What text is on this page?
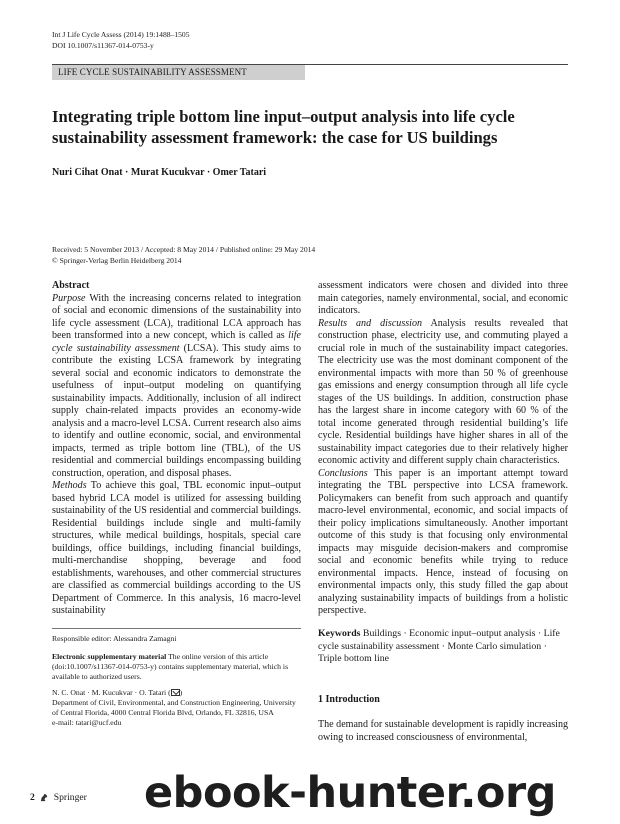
Int J Life Cycle Assess (2014) 19:1488–1505
DOI 10.1007/s11367-014-0753-y
LIFE CYCLE SUSTAINABILITY ASSESSMENT
Integrating triple bottom line input–output analysis into life cycle sustainability assessment framework: the case for US buildings
Nuri Cihat Onat · Murat Kucukvar · Omer Tatari
Received: 5 November 2013 / Accepted: 8 May 2014 / Published online: 29 May 2014
© Springer-Verlag Berlin Heidelberg 2014

Abstract

Purpose With the increasing concerns related to integration of social and economic dimensions of the sustainability into life cycle assessment (LCA), traditional LCA approach has been transformed into a new concept, which is called as life cycle sustainability assessment (LCSA). This study aims to contribute the existing LCSA framework by integrating several social and economic indicators to demonstrate the usefulness of input–output modeling on quantifying sustainability impacts. Additionally, inclusion of all indirect supply chain-related impacts provides an economy-wide analysis and a macro-level LCSA. Current research also aims to identify and outline economic, social, and environmental impacts, termed as triple bottom line (TBL), of the US residential and commercial buildings encompassing building construction, operation, and disposal phases.

Methods To achieve this goal, TBL economic input–output based hybrid LCA model is utilized for assessing building sustainability of the US residential and commercial buildings. Residential buildings include single and multi-family structures, while medical buildings, hospitals, special care buildings, office buildings, including financial buildings, multi-merchandise shopping, beverage and food establishments, warehouses, and other commercial structures are classified as commercial buildings according to the US Department of Commerce. In this analysis, 16 macro-level sustainability

assessment indicators were chosen and divided into three main categories, namely environmental, social, and economic indicators.

Results and discussion Analysis results revealed that construction phase, electricity use, and commuting played a crucial role in much of the sustainability impact categories. The electricity use was the most dominant component of the environmental impacts with more than 50 % of greenhouse gas emissions and energy consumption through all life cycle stages of the US buildings. In addition, construction phase has the largest share in income category with 60 % of the total income generated through residential building’s life cycle. Residential buildings have higher shares in all of the sustainability impact categories due to their relatively higher economic activity and different supply chain characteristics.

Conclusions This paper is an important attempt toward integrating the TBL perspective into LCSA framework. Policymakers can benefit from such approach and quantify macro-level environmental, economic, and social impacts of their policy implications simultaneously. Another important outcome of this study is that focusing only environmental impacts may misguide decision-makers and compromise social and economic benefits while trying to reduce environmental impacts. Hence, instead of focusing on environmental impacts only, this study filled the gap about analyzing sustainability impacts of buildings from a holistic perspective.

Responsible editor: Alessandra Zamagni
Electronic supplementary material The online version of this article (doi:10.1007/s11367-014-0753-y) contains supplementary material, which is available to authorized users.
N. C. Onat · M. Kucukvar · O. Tatari ( )
Department of Civil, Environmental, and Construction Engineering, University of Central Florida, 4000 Central Florida Blvd, Orlando, FL 32816, USA
e-mail: tatari@ucf.edu
Keywords Buildings · Economic input–output analysis · Life cycle sustainability assessment · Monte Carlo simulation · Triple bottom line
1 Introduction
The demand for sustainable development is rapidly increasing owing to increased consciousness of environmental,
2 Springer ebook-hunter.org
